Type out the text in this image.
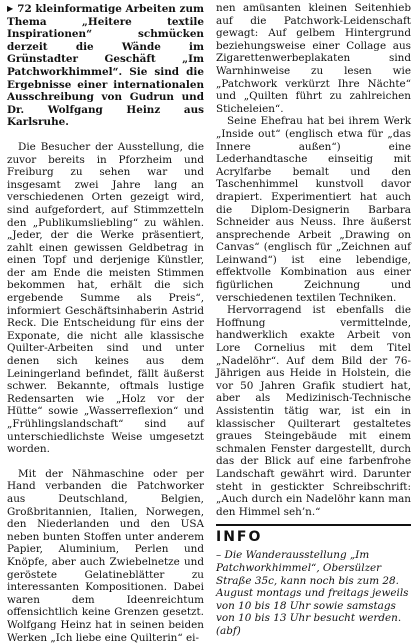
▶ 72 kleinformatige Arbeiten zum Thema „Heitere textile Inspirationen“ schmücken derzeit die Wände im Grünstadter Geschäft „Im Patchworkhimmel“. Sie sind die Ergebnisse einer internationalen Ausschreibung von Gudrun und Dr. Wolfgang Heinz aus Karlsruhe.

Die Besucher der Ausstellung, die zuvor bereits in Pforzheim und Freiburg zu sehen war und insgesamt zwei Jahre lang an verschiedenen Orten gezeigt wird, sind aufgefordert, auf Stimmzetteln den „Publikumsliebling“ zu wählen. „Jeder, der die Werke präsentiert, zahlt einen gewissen Geldbetrag in einen Topf und derjenige Künstler, der am Ende die meisten Stimmen bekommen hat, erhält die sich ergebende Summe als Preis“, informiert Geschäftsinhaberin Astrid Reck. Die Entscheidung für eins der Exponate, die nicht alle klassische Quilter-Arbeiten sind und unter denen sich keines aus dem Leiningerland befindet, fällt äußerst schwer. Bekannte, oftmals lustige Redensarten wie „Holz vor der Hütte“ sowie „Wasserreflexion“ und „Frühlingslandschaft“ sind auf unterschiedlichste Weise umgesetzt worden.

Mit der Nähmaschine oder per Hand verbanden die Patchworker aus Deutschland, Belgien, Großbritannien, Italien, Norwegen, den Niederlanden und den USA neben bunten Stoffen unter anderem Papier, Aluminium, Perlen und Knöpfe, aber auch Zwiebelnetze und geröstete Gelatineblätter zu interessanten Kompositionen. Dabei waren dem Ideenreichtum offensichtlich keine Grenzen gesetzt. Wolfgang Heinz hat in seinen beiden Werken „Ich liebe eine Quilterin“ ei-

nen amüsanten kleinen Seitenhieb auf die Patchwork-Leidenschaft gewagt: Auf gelbem Hintergrund beziehungsweise einer Collage aus Zigarettenwerbeplakaten sind Warnhinweise zu lesen wie „Patchwork verkürzt Ihre Nächte“ und „Quilten führt zu zahlreichen Sticheleien“.

Seine Ehefrau hat bei ihrem Werk „Inside out“ (englisch etwa für „das Innere außen“) eine Lederhandtasche einseitig mit Acrylfarbe bemalt und den Taschenhimmel kunstvoll davor drapiert. Experimentiert hat auch die Diplom-Designerin Barbara Schneider aus Neuss. Ihre äußerst ansprechende Arbeit „Drawing on Canvas“ (englisch für „Zeichnen auf Leinwand“) ist eine lebendige, effektvolle Kombination aus einer figürlichen Zeichnung und verschiedenen textilen Techniken.

Hervorragend ist ebenfalls die Hoffnung vermittelnde, handwerklich exakte Arbeit von Lore Cornelius mit dem Titel „Nadelöhr“. Auf dem Bild der 76-Jährigen aus Heide in Holstein, die vor 50 Jahren Grafik studiert hat, aber als Medizinisch-Technische Assistentin tätig war, ist ein in klassischer Quilterart gestaltetes graues Steingebäude mit einem schmalen Fenster dargestellt, durch das der Blick auf eine farbenfrohe Landschaft gewährt wird. Darunter steht in gestickter Schreibschrift: „Auch durch ein Nadelöhr kann man den Himmel seh’n.“

INFO

– Die Wanderausstellung „Im Patchworkhimmel“, Obersülzer Straße 35c, kann noch bis zum 28. August montags und freitags jeweils von 10 bis 18 Uhr sowie samstags von 10 bis 13 Uhr besucht werden. (abf)
